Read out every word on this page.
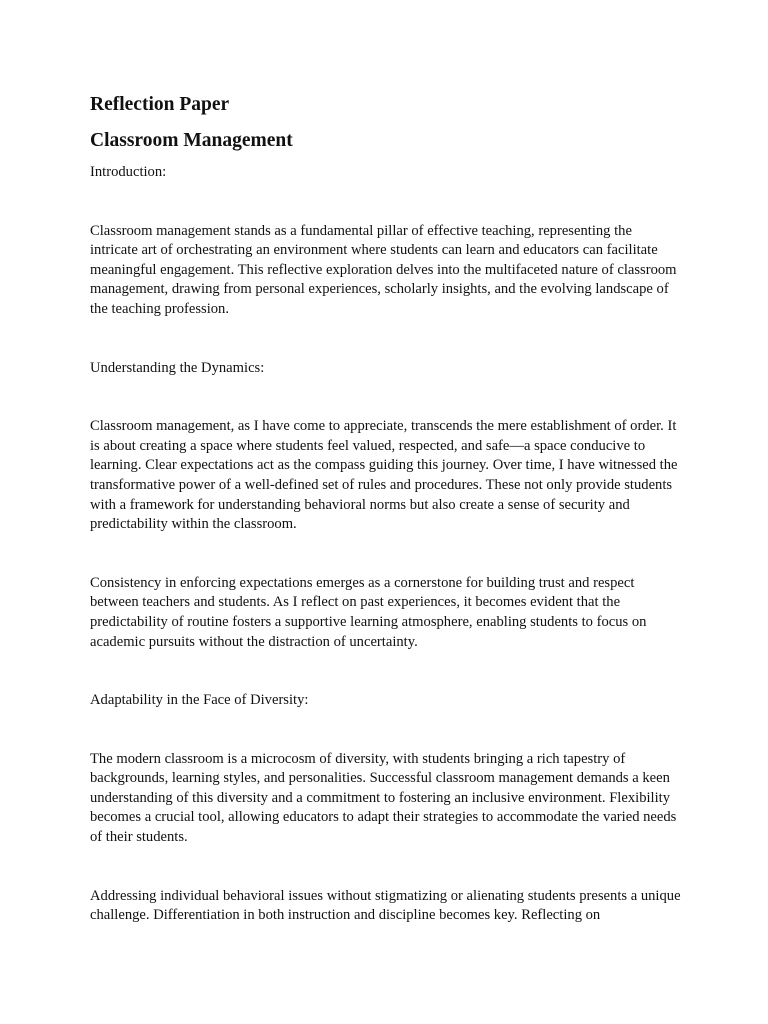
Reflection Paper
Classroom Management
Introduction:

Classroom management stands as a fundamental pillar of effective teaching, representing the intricate art of orchestrating an environment where students can learn and educators can facilitate meaningful engagement. This reflective exploration delves into the multifaceted nature of classroom management, drawing from personal experiences, scholarly insights, and the evolving landscape of the teaching profession.

Understanding the Dynamics:

Classroom management, as I have come to appreciate, transcends the mere establishment of order. It is about creating a space where students feel valued, respected, and safe—a space conducive to learning. Clear expectations act as the compass guiding this journey. Over time, I have witnessed the transformative power of a well-defined set of rules and procedures. These not only provide students with a framework for understanding behavioral norms but also create a sense of security and predictability within the classroom.

Consistency in enforcing expectations emerges as a cornerstone for building trust and respect between teachers and students. As I reflect on past experiences, it becomes evident that the predictability of routine fosters a supportive learning atmosphere, enabling students to focus on academic pursuits without the distraction of uncertainty.

Adaptability in the Face of Diversity:

The modern classroom is a microcosm of diversity, with students bringing a rich tapestry of backgrounds, learning styles, and personalities. Successful classroom management demands a keen understanding of this diversity and a commitment to fostering an inclusive environment. Flexibility becomes a crucial tool, allowing educators to adapt their strategies to accommodate the varied needs of their students.

Addressing individual behavioral issues without stigmatizing or alienating students presents a unique challenge. Differentiation in both instruction and discipline becomes key. Reflecting on
